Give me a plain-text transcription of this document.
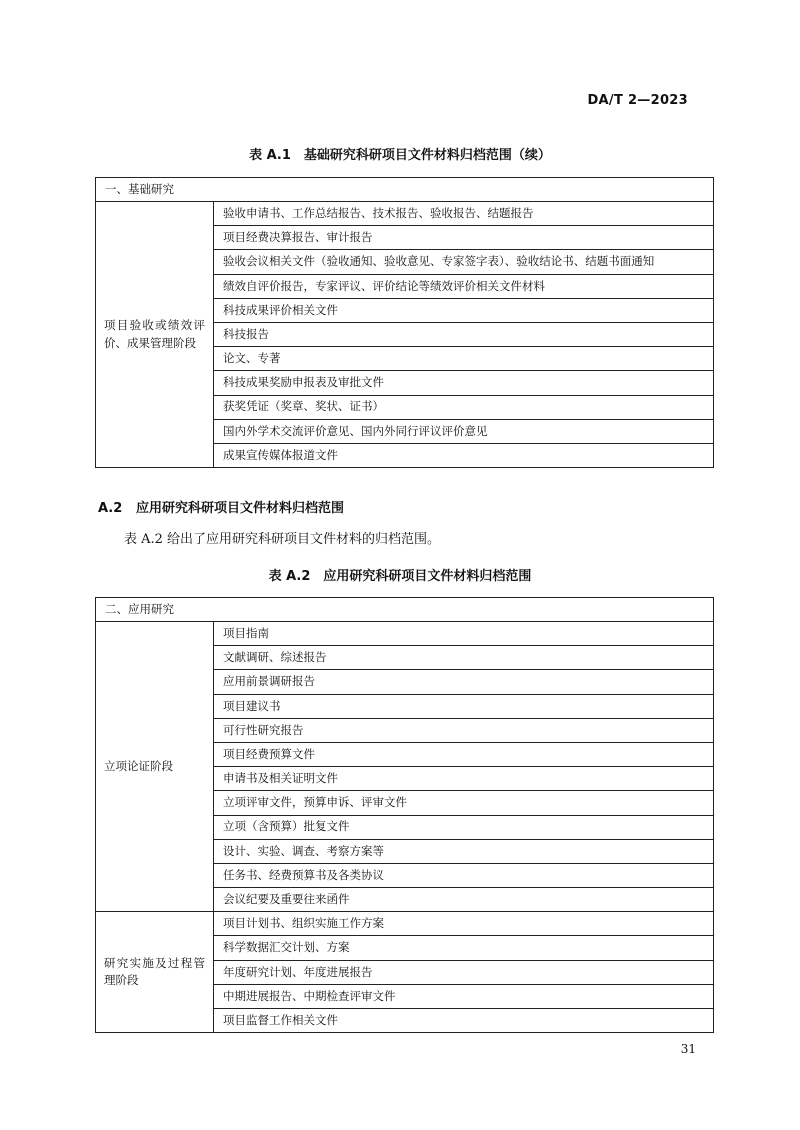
DA/T 2—2023
表 A.1　基础研究科研项目文件材料归档范围（续）
一、基础研究
项目验收或绩效评价、成果管理阶段	验收申请书、工作总结报告、技术报告、验收报告、结题报告
项目经费决算报告、审计报告
验收会议相关文件（验收通知、验收意见、专家签字表）、验收结论书、结题书面通知
绩效自评价报告，专家评议、评价结论等绩效评价相关文件材料
科技成果评价相关文件
科技报告
论文、专著
科技成果奖励申报表及审批文件
获奖凭证（奖章、奖状、证书）
国内外学术交流评价意见、国内外同行评议评价意见
成果宣传媒体报道文件
A.2 应用研究科研项目文件材料归档范围
表 A.2 给出了应用研究科研项目文件材料的归档范围。
表 A.2　应用研究科研项目文件材料归档范围
二、应用研究	
立项论证阶段	项目指南
	文献调研、综述报告
	应用前景调研报告
	项目建议书
	可行性研究报告
	项目经费预算文件
	申请书及相关证明文件
	立项评审文件，预算申诉、评审文件
	立项（含预算）批复文件
	设计、实验、调查、考察方案等
	任务书、经费预算书及各类协议
	会议纪要及重要往来函件
研究实施及过程管理阶段	项目计划书、组织实施工作方案
	科学数据汇交计划、方案
	年度研究计划、年度进展报告
	中期进展报告、中期检查评审文件
	项目监督工作相关文件
31
